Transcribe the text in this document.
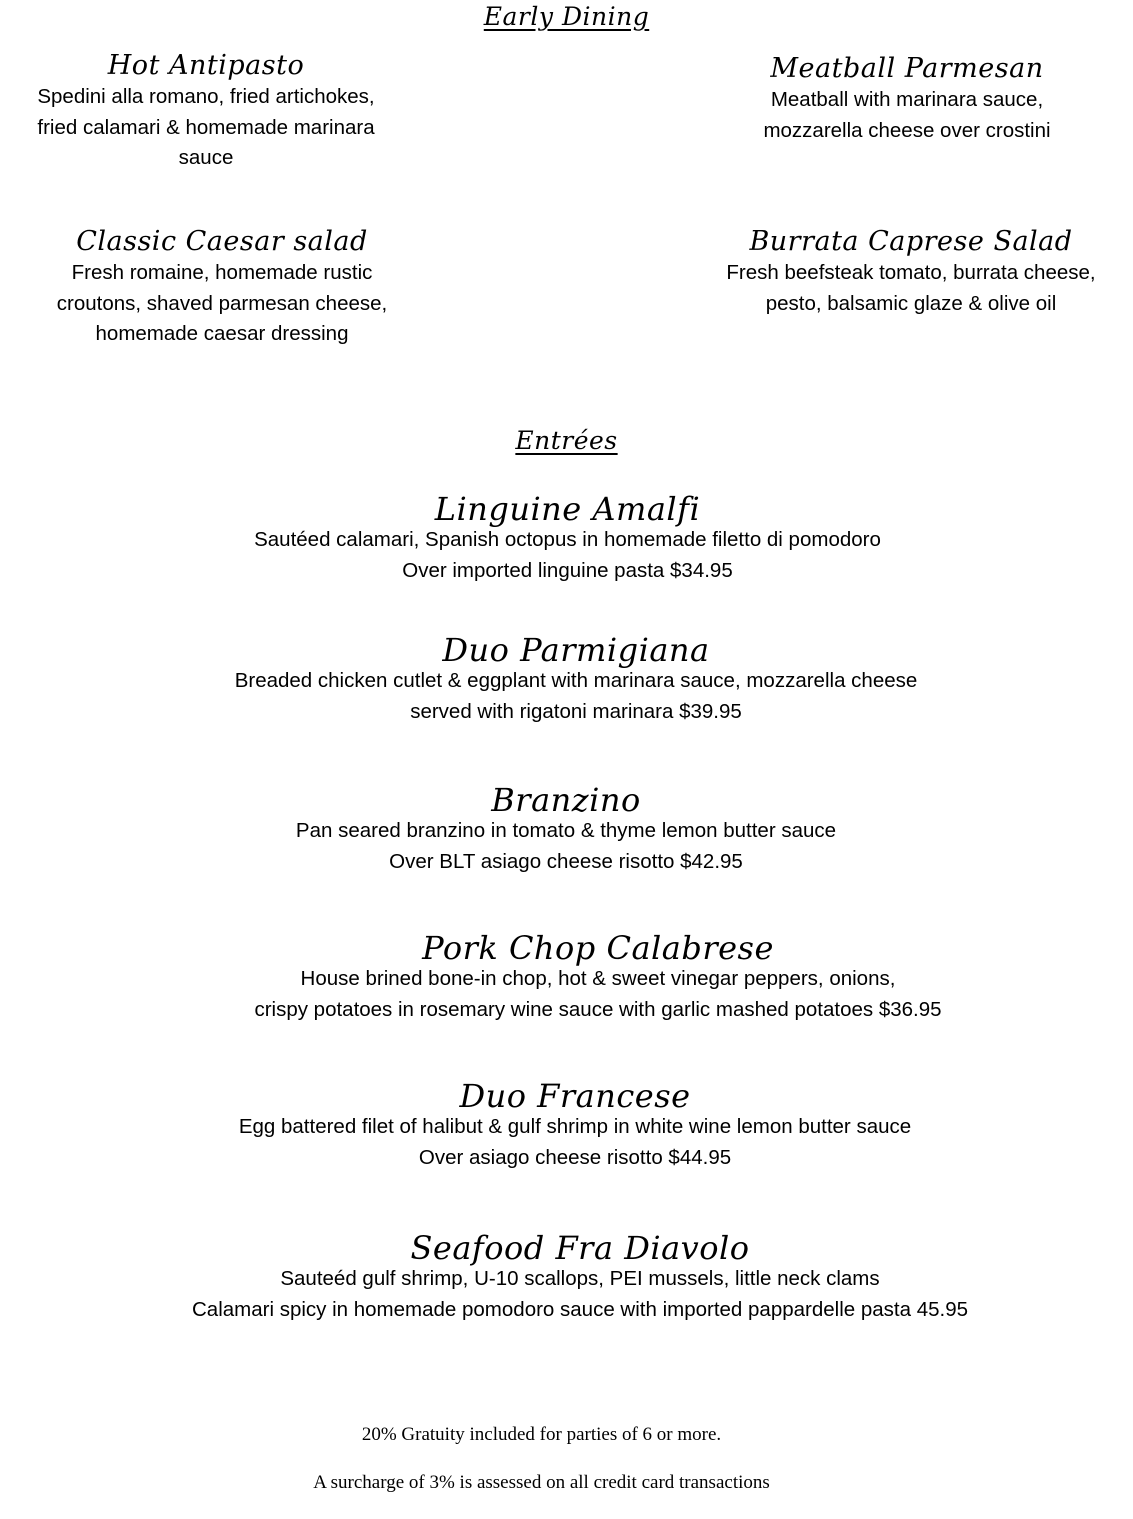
Early Dining
Hot Antipasto
Spedini alla romano, fried artichokes,
fried calamari & homemade marinara
sauce
Meatball Parmesan
Meatball with marinara sauce,
mozzarella cheese over crostini
Classic Caesar salad
Fresh romaine, homemade rustic
croutons, shaved parmesan cheese,
homemade caesar dressing
Burrata Caprese Salad
Fresh beefsteak tomato, burrata cheese,
pesto, balsamic glaze & olive oil
Entrées
Linguine Amalfi
Sautéed calamari, Spanish octopus in homemade filetto di pomodoro
Over imported linguine pasta $34.95
Duo Parmigiana
Breaded chicken cutlet & eggplant with marinara sauce, mozzarella cheese
served with rigatoni marinara $39.95
Branzino
Pan seared branzino in tomato & thyme lemon butter sauce
Over BLT asiago cheese risotto $42.95
Pork Chop Calabrese
House brined bone-in chop, hot & sweet vinegar peppers, onions,
crispy potatoes in rosemary wine sauce with garlic mashed potatoes $36.95
Duo Francese
Egg battered filet of halibut & gulf shrimp in white wine lemon butter sauce
Over asiago cheese risotto $44.95
Seafood Fra Diavolo
Sauteéd gulf shrimp, U-10 scallops, PEI mussels, little neck clams
Calamari spicy in homemade pomodoro sauce with imported pappardelle pasta 45.95

20% Gratuity included for parties of 6 or more.

A surcharge of 3% is assessed on all credit card transactions
